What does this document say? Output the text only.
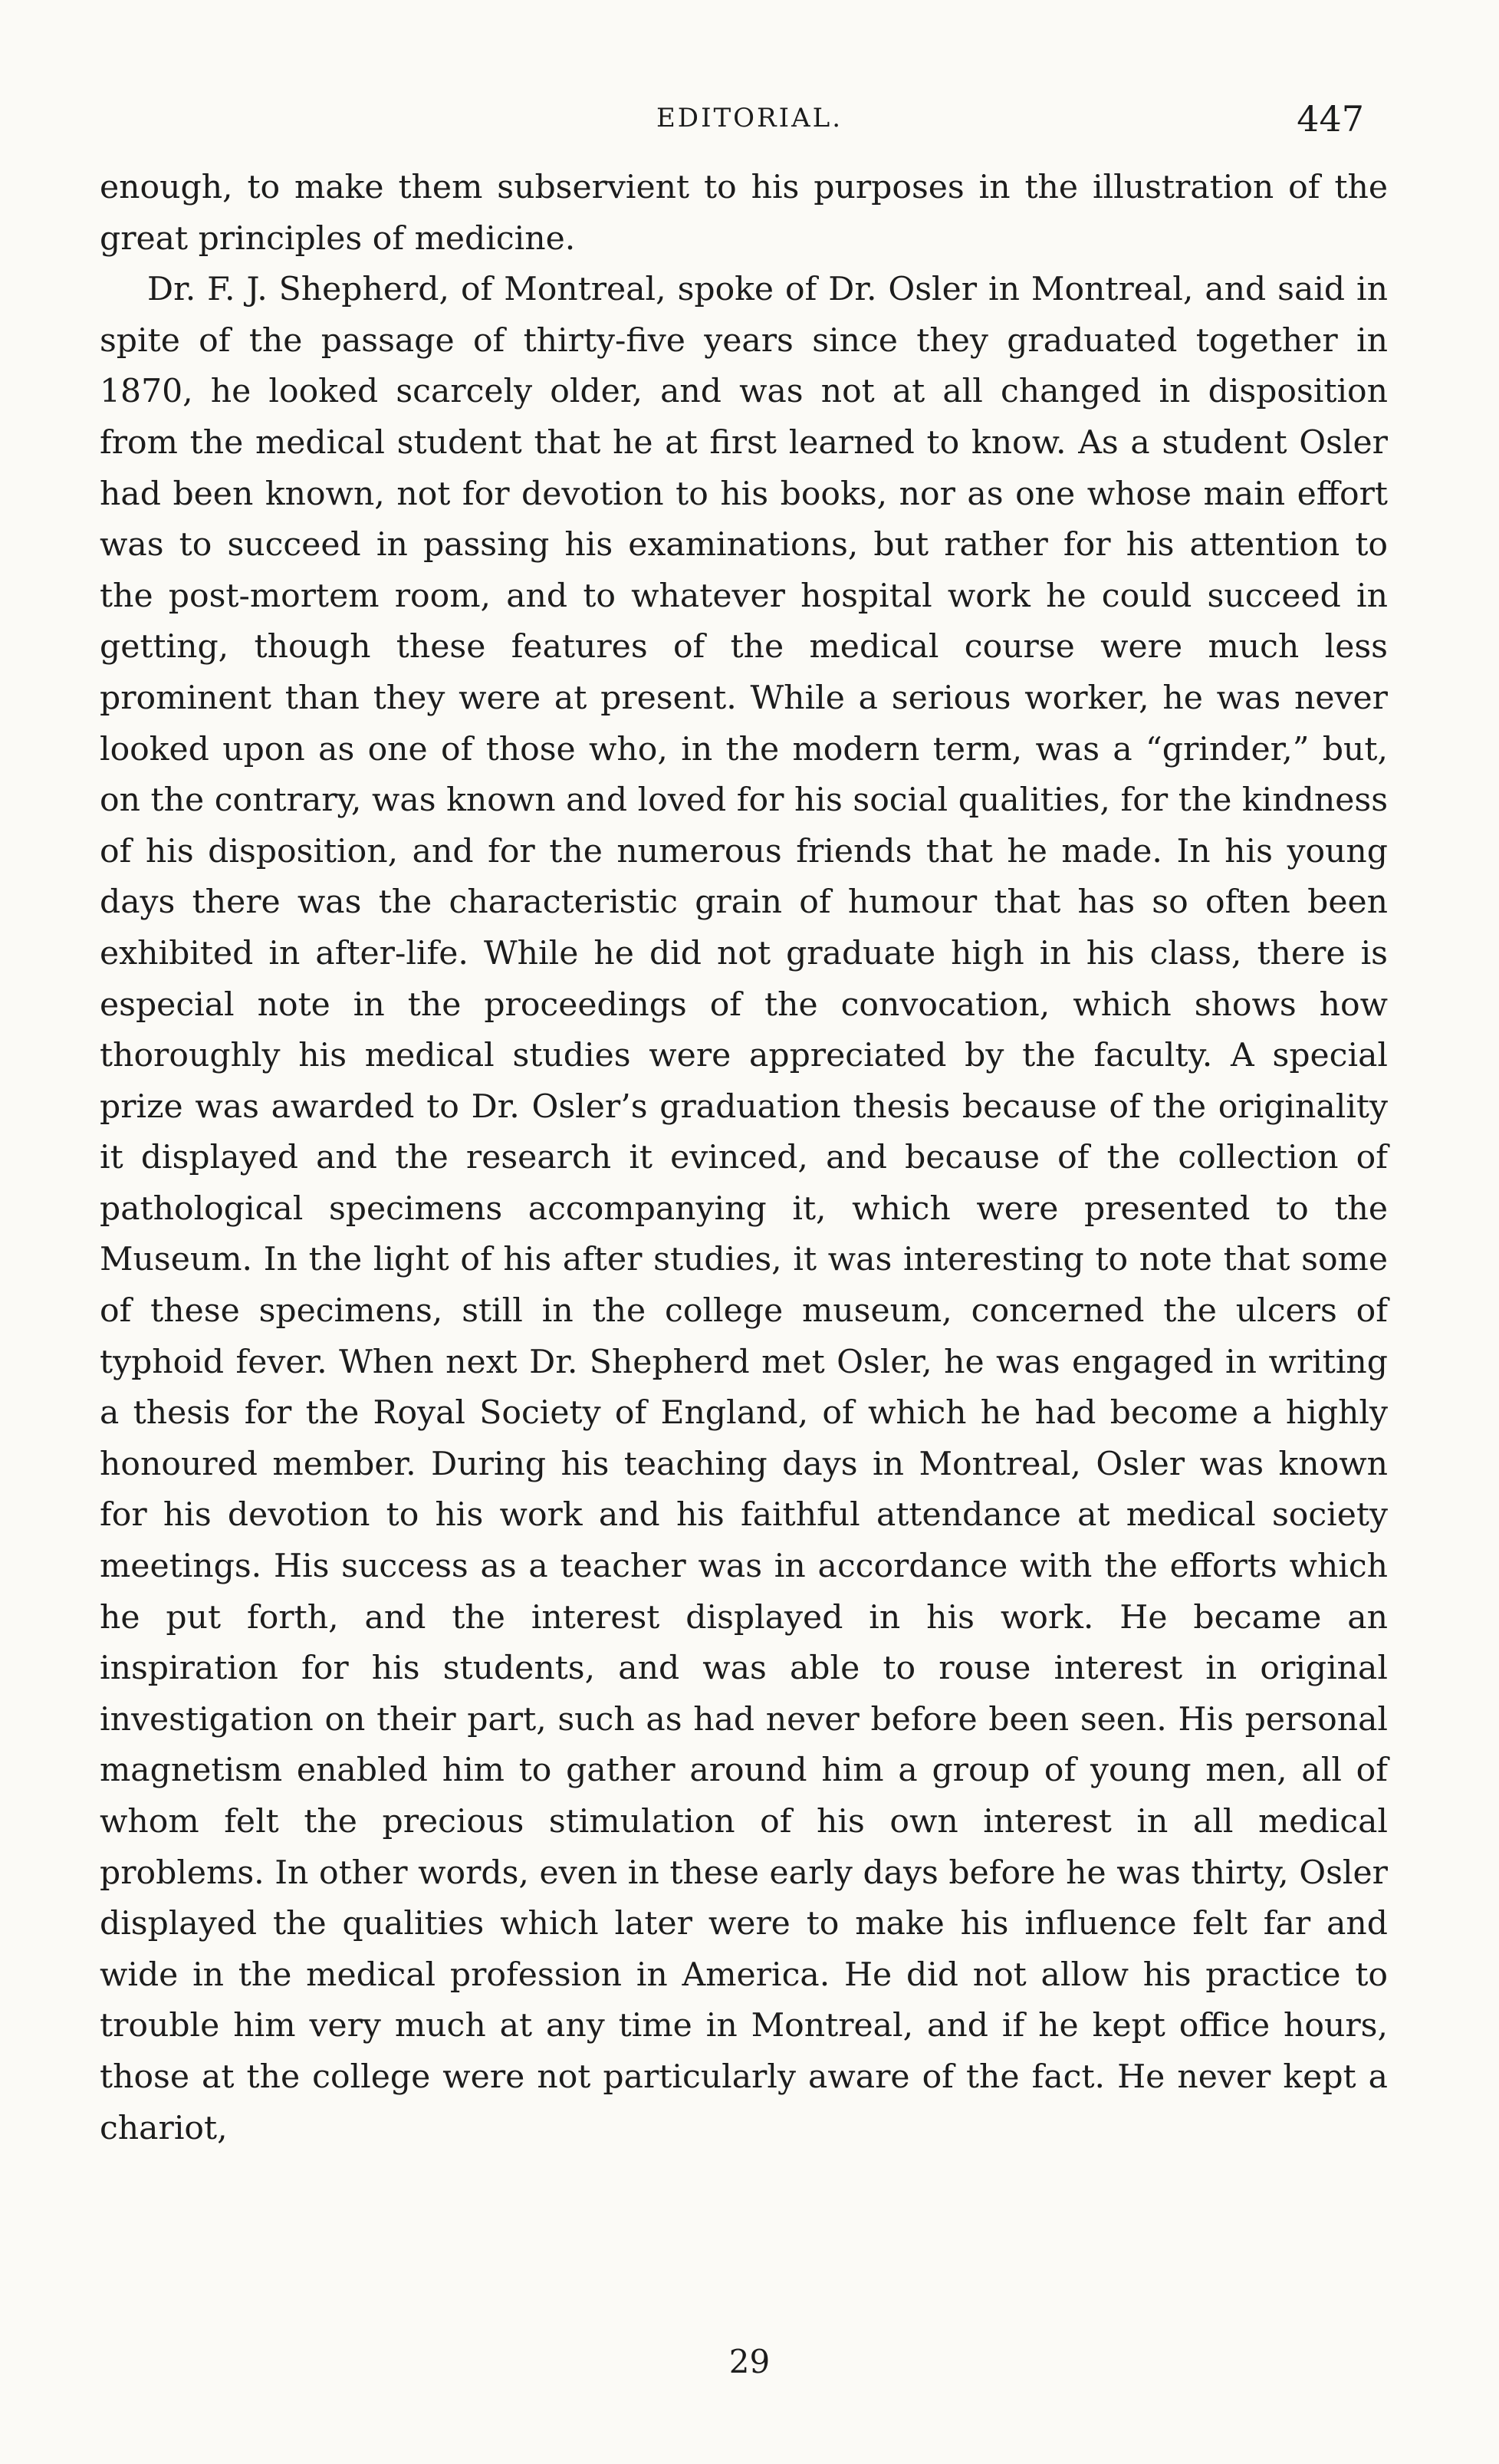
EDITORIAL.	447

enough, to make them subservient to his purposes in the illustration of the great principles of medicine.

Dr. F. J. Shepherd, of Montreal, spoke of Dr. Osler in Montreal, and said in spite of the passage of thirty-five years since they graduated together in 1870, he looked scarcely older, and was not at all changed in disposition from the medical student that he at first learned to know. As a student Osler had been known, not for devotion to his books, nor as one whose main effort was to succeed in passing his examinations, but rather for his attention to the post-mortem room, and to whatever hospital work he could succeed in getting, though these features of the medical course were much less prominent than they were at present. While a serious worker, he was never looked upon as one of those who, in the modern term, was a “grinder,” but, on the contrary, was known and loved for his social qualities, for the kindness of his disposition, and for the numerous friends that he made. In his young days there was the characteristic grain of humour that has so often been exhibited in after-life. While he did not graduate high in his class, there is especial note in the proceedings of the convocation, which shows how thoroughly his medical studies were appreciated by the faculty. A special prize was awarded to Dr. Osler’s graduation thesis because of the originality it displayed and the research it evinced, and because of the collection of pathological specimens accompanying it, which were presented to the Museum. In the light of his after studies, it was interesting to note that some of these specimens, still in the college museum, concerned the ulcers of typhoid fever. When next Dr. Shepherd met Osler, he was engaged in writing a thesis for the Royal Society of England, of which he had become a highly honoured member. During his teaching days in Montreal, Osler was known for his devotion to his work and his faithful attendance at medical society meetings. His success as a teacher was in accordance with the efforts which he put forth, and the interest displayed in his work. He became an inspiration for his students, and was able to rouse interest in original investigation on their part, such as had never before been seen. His personal magnetism enabled him to gather around him a group of young men, all of whom felt the precious stimulation of his own interest in all medical problems. In other words, even in these early days before he was thirty, Osler displayed the qualities which later were to make his influence felt far and wide in the medical profession in America. He did not allow his practice to trouble him very much at any time in Montreal, and if he kept office hours, those at the college were not particularly aware of the fact. He never kept a chariot,

29
